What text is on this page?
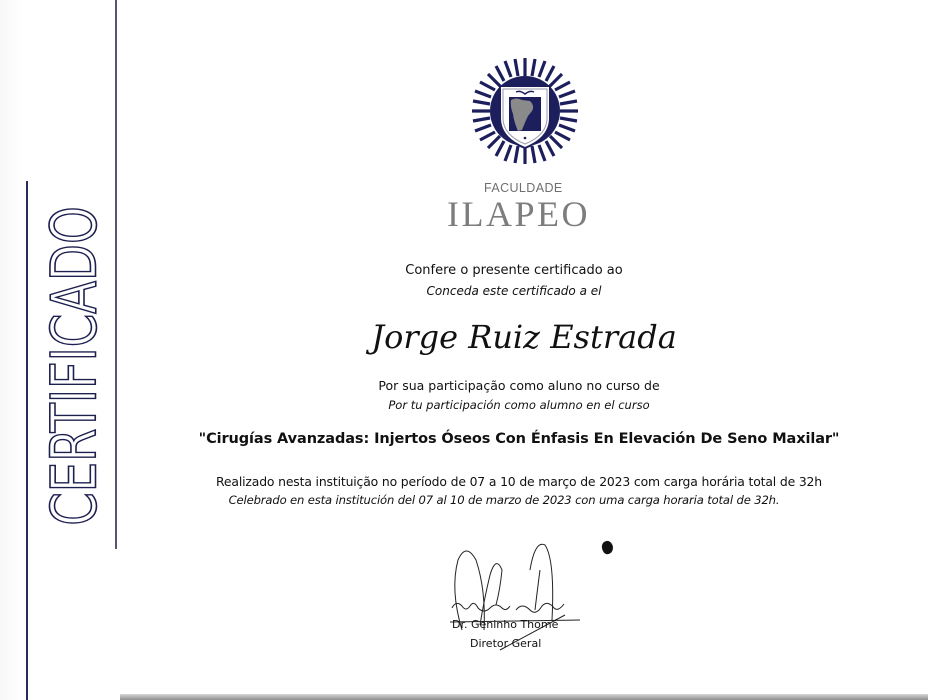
CERTIFICADO
FACULDADE
ILAPEO
Confere o presente certificado ao
Conceda este certificado a el
Jorge Ruiz Estrada
Por sua participação como aluno no curso de
Por tu participación como alumno en el curso
"Cirugías Avanzadas: Injertos Óseos Con Énfasis En Elevación De Seno Maxilar"
Realizado nesta instituição no período de 07 a 10 de março de 2023 com carga horária total de 32h
Celebrado en esta institución del 07 al 10 de marzo de 2023 con uma carga horaria total de 32h.
Dr. Geninho Thomé
Diretor Geral
